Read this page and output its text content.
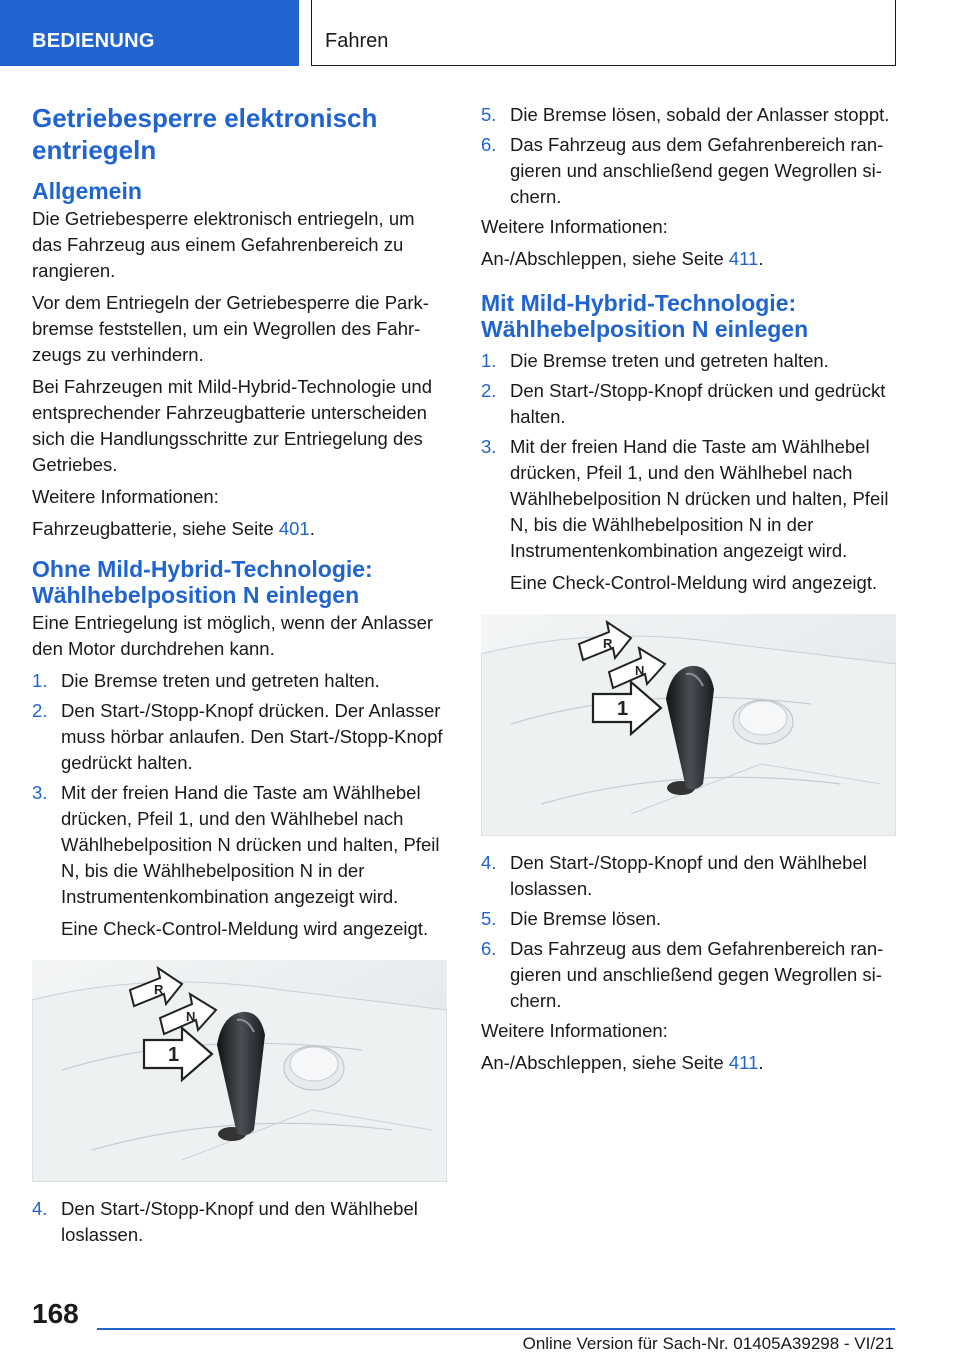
BEDIENUNG	Fahren
Getriebesperre elektronisch entriegeln
Allgemein

Die Getriebesperre elektronisch entriegeln, um das Fahrzeug aus einem Gefahrenbereich zu rangieren.

Vor dem Entriegeln der Getriebesperre die Parkbremse feststellen, um ein Wegrollen des Fahrzeugs zu verhindern.

Bei Fahrzeugen mit Mild-Hybrid-Technologie und entsprechender Fahrzeugbatterie unterscheiden sich die Handlungsschritte zur Entriegelung des Getriebes.

Weitere Informationen:

Fahrzeugbatterie, siehe Seite 401.

Ohne Mild-Hybrid-Technologie: Wählhebelposition N einlegen

Eine Entriegelung ist möglich, wenn der Anlasser den Motor durchdrehen kann.

1. Die Bremse treten und getreten halten.
2. Den Start-/Stopp-Knopf drücken. Der Anlasser muss hörbar anlaufen. Den Start-/Stopp-Knopf gedrückt halten.
3. Mit der freien Hand die Taste am Wählhebel drücken, Pfeil 1, und den Wählhebel nach Wählhebelposition N drücken und halten, Pfeil N, bis die Wählhebelposition N in der Instrumentenkombination angezeigt wird.

Eine Check-Control-Meldung wird angezeigt.

R
N
1
4. Den Start-/Stopp-Knopf und den Wählhebel loslassen.
5. Die Bremse lösen, sobald der Anlasser stoppt.
6. Das Fahrzeug aus dem Gefahrenbereich rangieren und anschließend gegen Wegrollen sichern.

Weitere Informationen:

An-/Abschleppen, siehe Seite 411.

Mit Mild-Hybrid-Technologie: Wählhebelposition N einlegen
1. Die Bremse treten und getreten halten.
2. Den Start-/Stopp-Knopf drücken und gedrückt halten.
3. Mit der freien Hand die Taste am Wählhebel drücken, Pfeil 1, und den Wählhebel nach Wählhebelposition N drücken und halten, Pfeil N, bis die Wählhebelposition N in der Instrumentenkombination angezeigt wird.

Eine Check-Control-Meldung wird angezeigt.

R
N
1
4. Den Start-/Stopp-Knopf und den Wählhebel loslassen.
5. Die Bremse lösen.
6. Das Fahrzeug aus dem Gefahrenbereich rangieren und anschließend gegen Wegrollen sichern.

Weitere Informationen:

An-/Abschleppen, siehe Seite 411.

168
Online Version für Sach-Nr. 01405A39298 - VI/21
